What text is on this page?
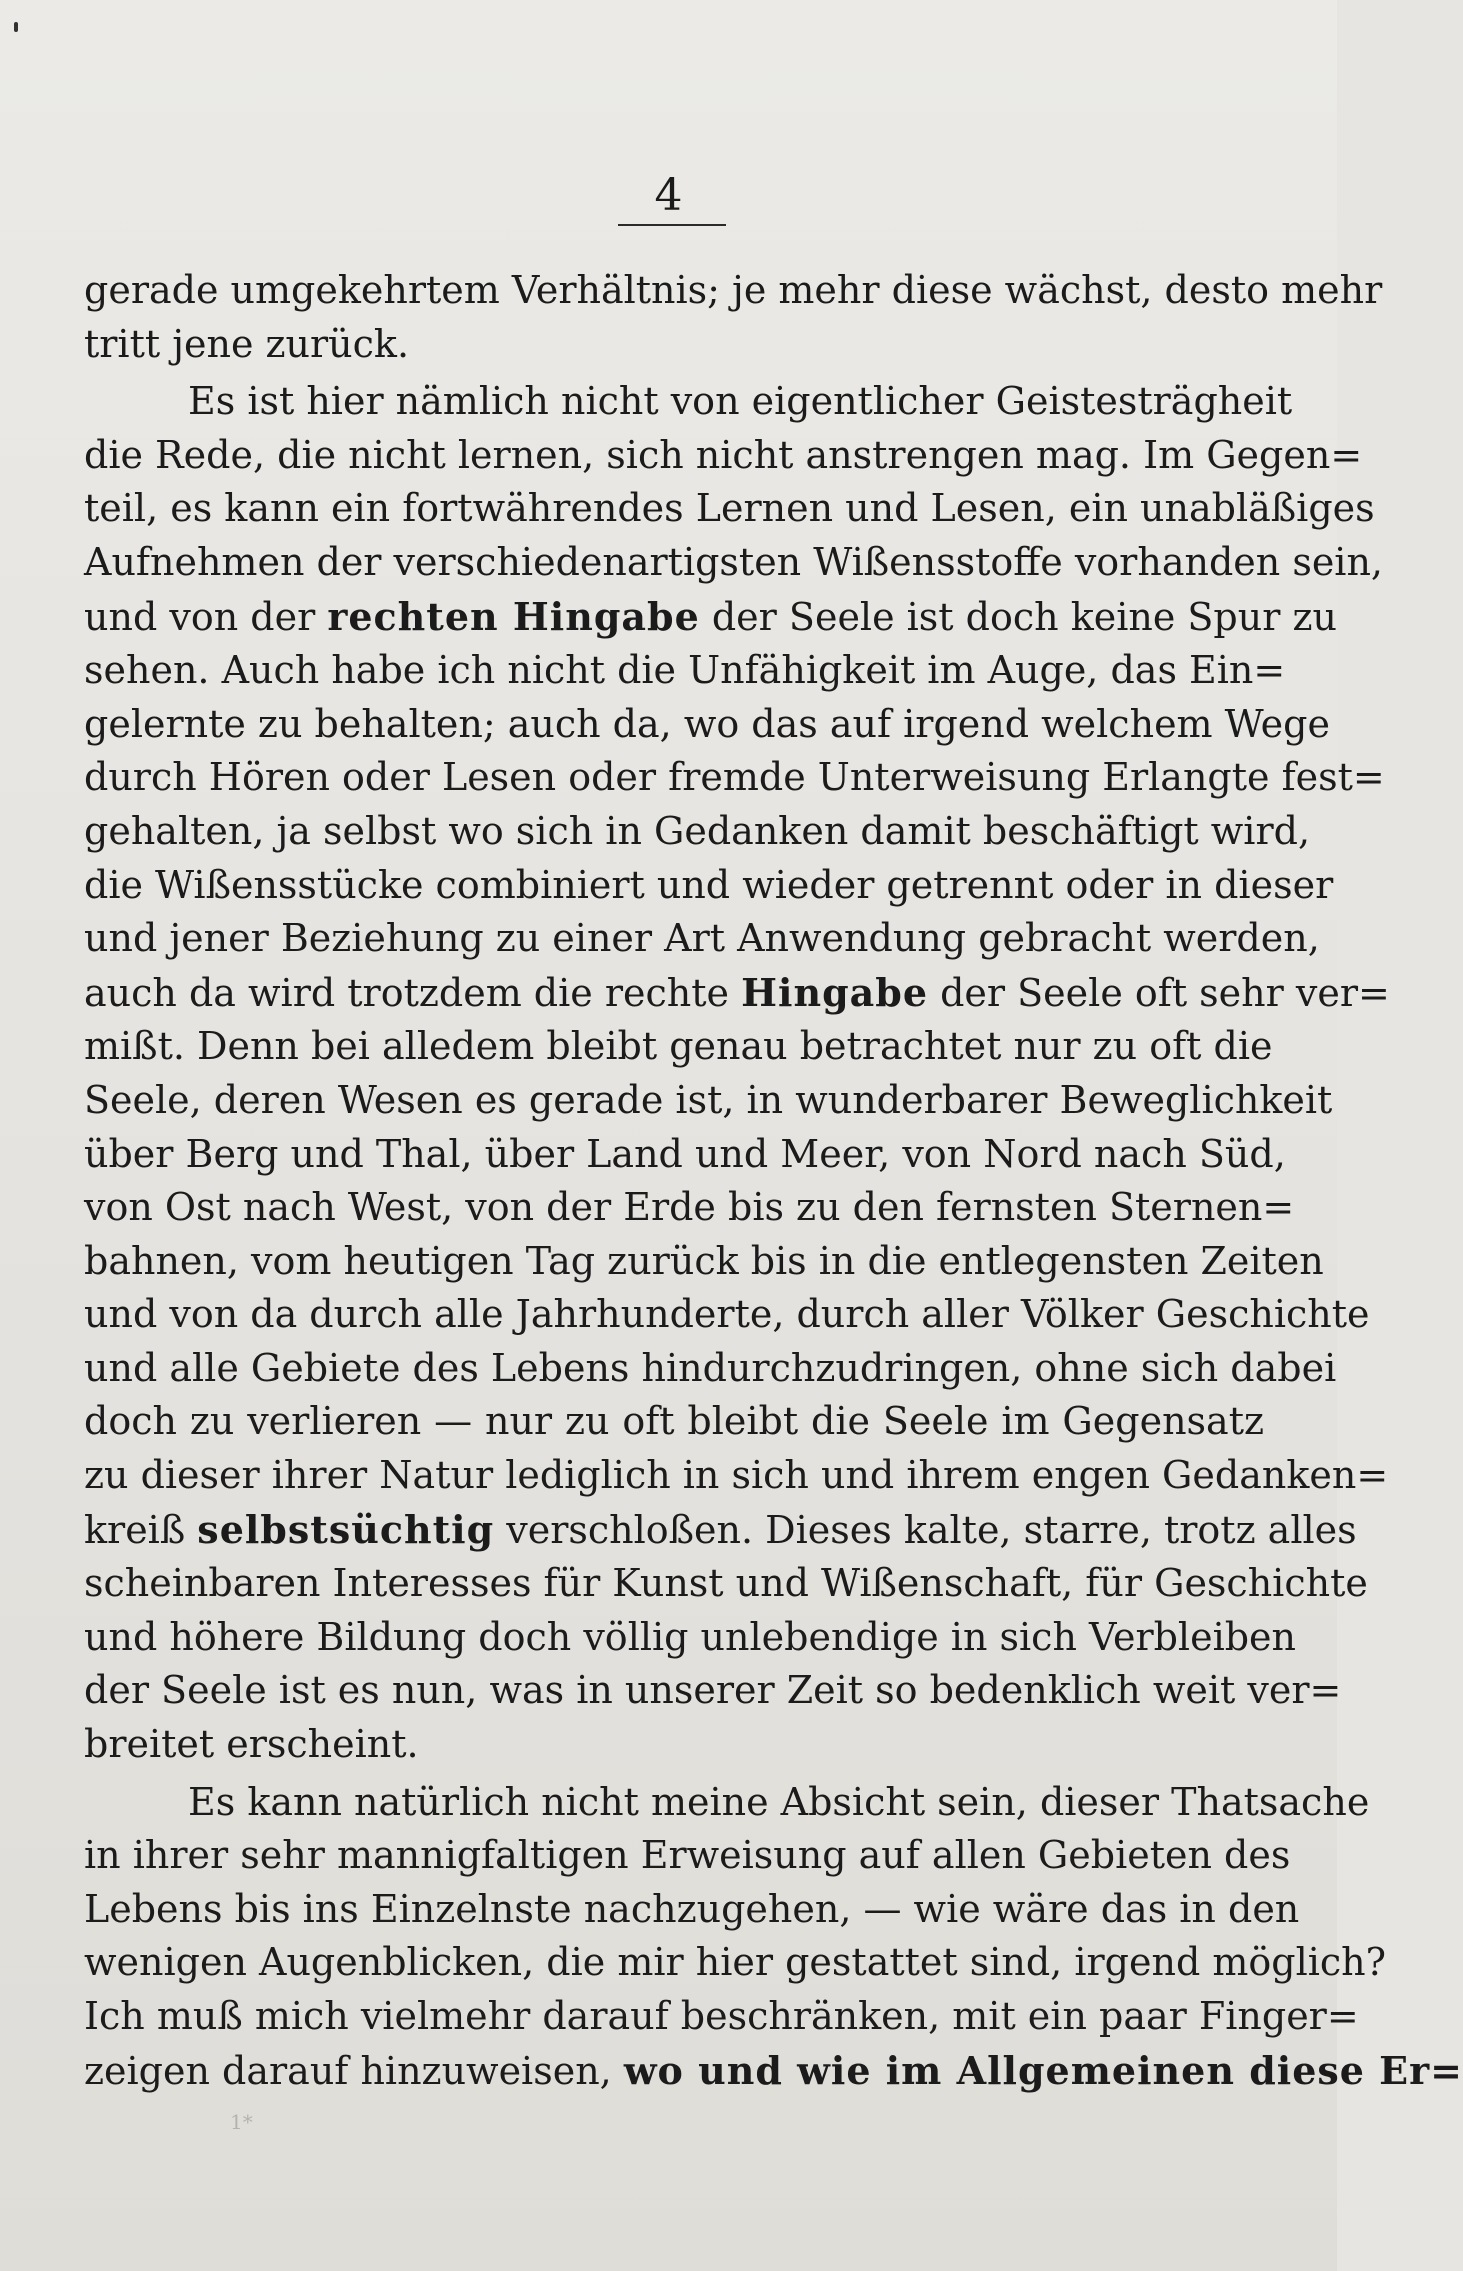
4

gerade umgekehrtem Verhältnis; je mehr diese wächst, desto mehr
tritt jene zurück.

Es ist hier nämlich nicht von eigentlicher Geistesträgheit
die Rede, die nicht lernen, sich nicht anstrengen mag. Im Gegen=
teil, es kann ein fortwährendes Lernen und Lesen, ein unabläßiges
Aufnehmen der verschiedenartigsten Wißensstoffe vorhanden sein,
und von der rechten Hingabe der Seele ist doch keine Spur zu
sehen. Auch habe ich nicht die Unfähigkeit im Auge, das Ein=
gelernte zu behalten; auch da, wo das auf irgend welchem Wege
durch Hören oder Lesen oder fremde Unterweisung Erlangte fest=
gehalten, ja selbst wo sich in Gedanken damit beschäftigt wird,
die Wißensstücke combiniert und wieder getrennt oder in dieser
und jener Beziehung zu einer Art Anwendung gebracht werden,
auch da wird trotzdem die rechte Hingabe der Seele oft sehr ver=
mißt. Denn bei alledem bleibt genau betrachtet nur zu oft die
Seele, deren Wesen es gerade ist, in wunderbarer Beweglichkeit
über Berg und Thal, über Land und Meer, von Nord nach Süd,
von Ost nach West, von der Erde bis zu den fernsten Sternen=
bahnen, vom heutigen Tag zurück bis in die entlegensten Zeiten
und von da durch alle Jahrhunderte, durch aller Völker Geschichte
und alle Gebiete des Lebens hindurchzudringen, ohne sich dabei
doch zu verlieren — nur zu oft bleibt die Seele im Gegensatz
zu dieser ihrer Natur lediglich in sich und ihrem engen Gedanken=
kreiß selbstsüchtig verschloßen. Dieses kalte, starre, trotz alles
scheinbaren Interesses für Kunst und Wißenschaft, für Geschichte
und höhere Bildung doch völlig unlebendige in sich Verbleiben
der Seele ist es nun, was in unserer Zeit so bedenklich weit ver=
breitet erscheint.

Es kann natürlich nicht meine Absicht sein, dieser Thatsache
in ihrer sehr mannigfaltigen Erweisung auf allen Gebieten des
Lebens bis ins Einzelnste nachzugehen, — wie wäre das in den
wenigen Augenblicken, die mir hier gestattet sind, irgend möglich?
Ich muß mich vielmehr darauf beschränken, mit ein paar Finger=
zeigen darauf hinzuweisen, wo und wie im Allgemeinen diese Er=

1*
